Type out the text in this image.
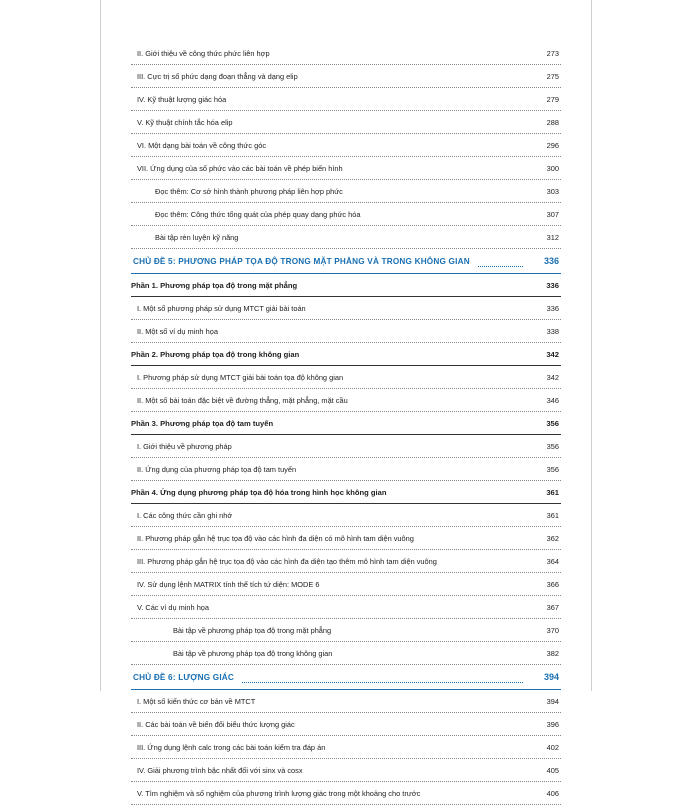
II. Giới thiệu về công thức phức liên hợp	273
III. Cực trị số phức dạng đoạn thẳng và dạng elip	275
IV. Kỹ thuật lượng giác hóa	279
V. Kỹ thuật chính tắc hóa elip	288
VI. Một dạng bài toán về công thức góc	296
VII. Ứng dụng của số phức vào các bài toán về phép biến hình	300
Đọc thêm: Cơ sở hình thành phương pháp liên hợp phức	303
Đọc thêm: Công thức tổng quát của phép quay dạng phức hóa	307
Bài tập rèn luyện kỹ năng	312
CHỦ ĐỀ 5: PHƯƠNG PHÁP TỌA ĐỘ TRONG MẶT PHẲNG VÀ TRONG KHÔNG GIAN	336
Phần 1. Phương pháp tọa độ trong mặt phẳng	336
I. Một số phương pháp sử dụng MTCT giải bài toán	336
II. Một số ví dụ minh họa	338
Phần 2. Phương pháp tọa độ trong không gian	342
I. Phương pháp sử dụng MTCT giải bài toán tọa độ không gian	342
II. Một số bài toán đặc biệt về đường thẳng, mặt phẳng, mặt cầu	346
Phần 3. Phương pháp tọa độ tam tuyến	356
I. Giới thiệu về phương pháp	356
II. Ứng dụng của phương pháp tọa độ tam tuyến	356
Phần 4. Ứng dụng phương pháp tọa độ hóa trong hình học không gian	361
I. Các công thức cần ghi nhớ	361
II. Phương pháp gắn hệ trục tọa độ vào các hình đa diện có mô hình tam diện vuông	362
III. Phương pháp gắn hệ trục tọa độ vào các hình đa diện tạo thêm mô hình tam diện vuông	364
IV. Sử dụng lệnh MATRIX tính thể tích tứ diện: MODE 6	366
V. Các ví dụ minh họa	367
Bài tập về phương pháp tọa độ trong mặt phẳng	370
Bài tập về phương pháp tọa độ trong không gian	382
CHỦ ĐỀ 6: LƯỢNG GIÁC	394
I. Một số kiến thức cơ bản về MTCT	394
II. Các bài toán về biến đổi biểu thức lượng giác	396
III. Ứng dụng lệnh calc trong các bài toán kiểm tra đáp án	402
IV. Giải phương trình bậc nhất đối với sinx và cosx	405
V. Tìm nghiệm và số nghiệm của phương trình lượng giác trong một khoảng cho trước	406
